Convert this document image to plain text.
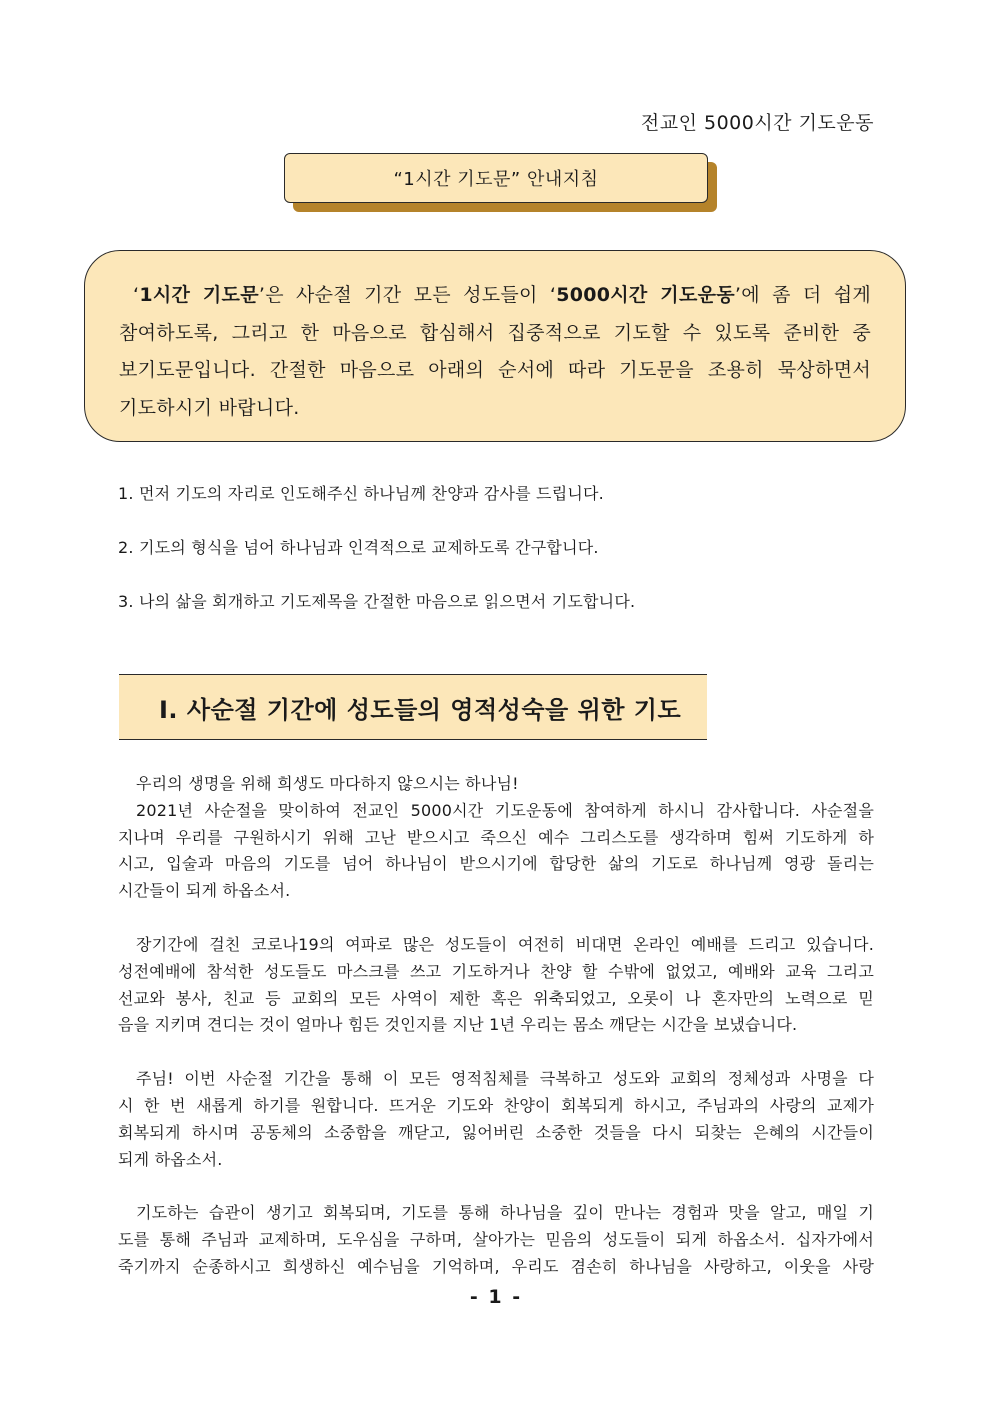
전교인 5000시간 기도운동
“1시간 기도문” 안내지침
‘1시간 기도문’은 사순절 기간 모든 성도들이 ‘5000시간 기도운동’에 좀 더 쉽게
참여하도록, 그리고 한 마음으로 합심해서 집중적으로 기도할 수 있도록 준비한 중
보기도문입니다. 간절한 마음으로 아래의 순서에 따라 기도문을 조용히 묵상하면서
기도하시기 바랍니다.
1. 먼저 기도의 자리로 인도해주신 하나님께 찬양과 감사를 드립니다.
2. 기도의 형식을 넘어 하나님과 인격적으로 교제하도록 간구합니다.
3. 나의 삶을 회개하고 기도제목을 간절한 마음으로 읽으면서 기도합니다.
Ⅰ. 사순절 기간에 성도들의 영적성숙을 위한 기도
우리의 생명을 위해 희생도 마다하지 않으시는 하나님!
2021년 사순절을 맞이하여 전교인 5000시간 기도운동에 참여하게 하시니 감사합니다. 사순절을
지나며 우리를 구원하시기 위해 고난 받으시고 죽으신 예수 그리스도를 생각하며 힘써 기도하게 하
시고, 입술과 마음의 기도를 넘어 하나님이 받으시기에 합당한 삶의 기도로 하나님께 영광 돌리는
시간들이 되게 하옵소서.
장기간에 걸친 코로나19의 여파로 많은 성도들이 여전히 비대면 온라인 예배를 드리고 있습니다.
성전예배에 참석한 성도들도 마스크를 쓰고 기도하거나 찬양 할 수밖에 없었고, 예배와 교육 그리고
선교와 봉사, 친교 등 교회의 모든 사역이 제한 혹은 위축되었고, 오롯이 나 혼자만의 노력으로 믿
음을 지키며 견디는 것이 얼마나 힘든 것인지를 지난 1년 우리는 몸소 깨닫는 시간을 보냈습니다.
주님! 이번 사순절 기간을 통해 이 모든 영적침체를 극복하고 성도와 교회의 정체성과 사명을 다
시 한 번 새롭게 하기를 원합니다. 뜨거운 기도와 찬양이 회복되게 하시고, 주님과의 사랑의 교제가
회복되게 하시며 공동체의 소중함을 깨닫고, 잃어버린 소중한 것들을 다시 되찾는 은혜의 시간들이
되게 하옵소서.
기도하는 습관이 생기고 회복되며, 기도를 통해 하나님을 깊이 만나는 경험과 맛을 알고, 매일 기
도를 통해 주님과 교제하며, 도우심을 구하며, 살아가는 믿음의 성도들이 되게 하옵소서. 십자가에서
죽기까지 순종하시고 희생하신 예수님을 기억하며, 우리도 겸손히 하나님을 사랑하고, 이웃을 사랑
- 1 -
